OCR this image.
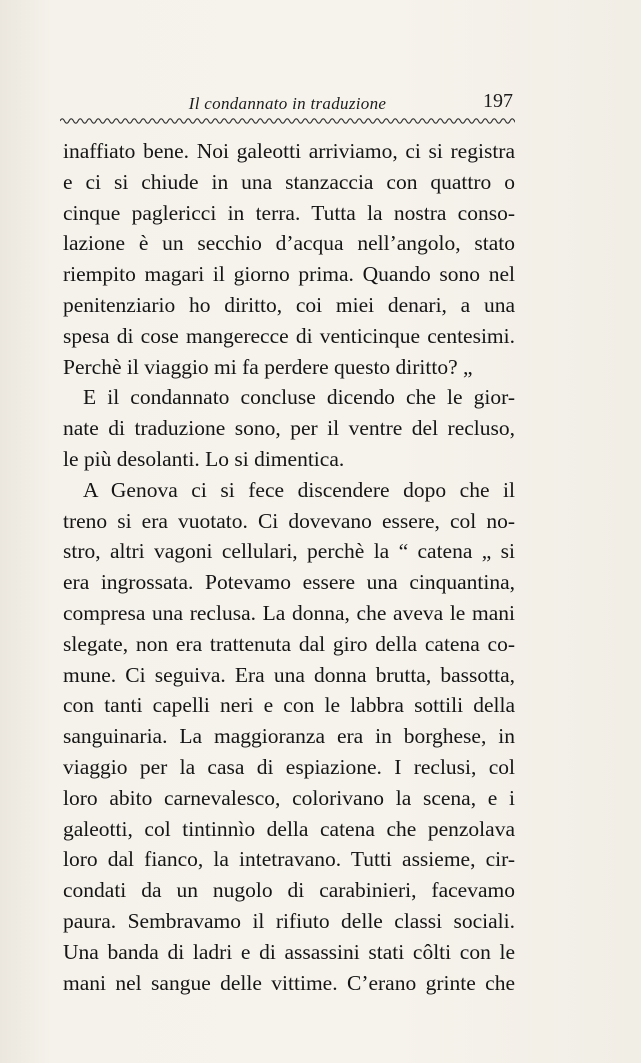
Il condannato in traduzione	197
inaffiato bene. Noi galeotti arriviamo, ci si registra
e ci si chiude in una stanzaccia con quattro o
cinque paglericci in terra. Tutta la nostra conso-
lazione è un secchio d’acqua nell’angolo, stato
riempito magari il giorno prima. Quando sono nel
penitenziario ho diritto, coi miei denari, a una
spesa di cose mangerecce di venticinque centesimi.
Perchè il viaggio mi fa perdere questo diritto? „
E il condannato concluse dicendo che le gior-
nate di traduzione sono, per il ventre del recluso,
le più desolanti. Lo si dimentica.
A Genova ci si fece discendere dopo che il
treno si era vuotato. Ci dovevano essere, col no-
stro, altri vagoni cellulari, perchè la “ catena „ si
era ingrossata. Potevamo essere una cinquantina,
compresa una reclusa. La donna, che aveva le mani
slegate, non era trattenuta dal giro della catena co-
mune. Ci seguiva. Era una donna brutta, bassotta,
con tanti capelli neri e con le labbra sottili della
sanguinaria. La maggioranza era in borghese, in
viaggio per la casa di espiazione. I reclusi, col
loro abito carnevalesco, colorivano la scena, e i
galeotti, col tintinnìo della catena che penzolava
loro dal fianco, la intetravano. Tutti assieme, cir-
condati da un nugolo di carabinieri, facevamo
paura. Sembravamo il rifiuto delle classi sociali.
Una banda di ladri e di assassini stati côlti con le
mani nel sangue delle vittime. C’erano grinte che
